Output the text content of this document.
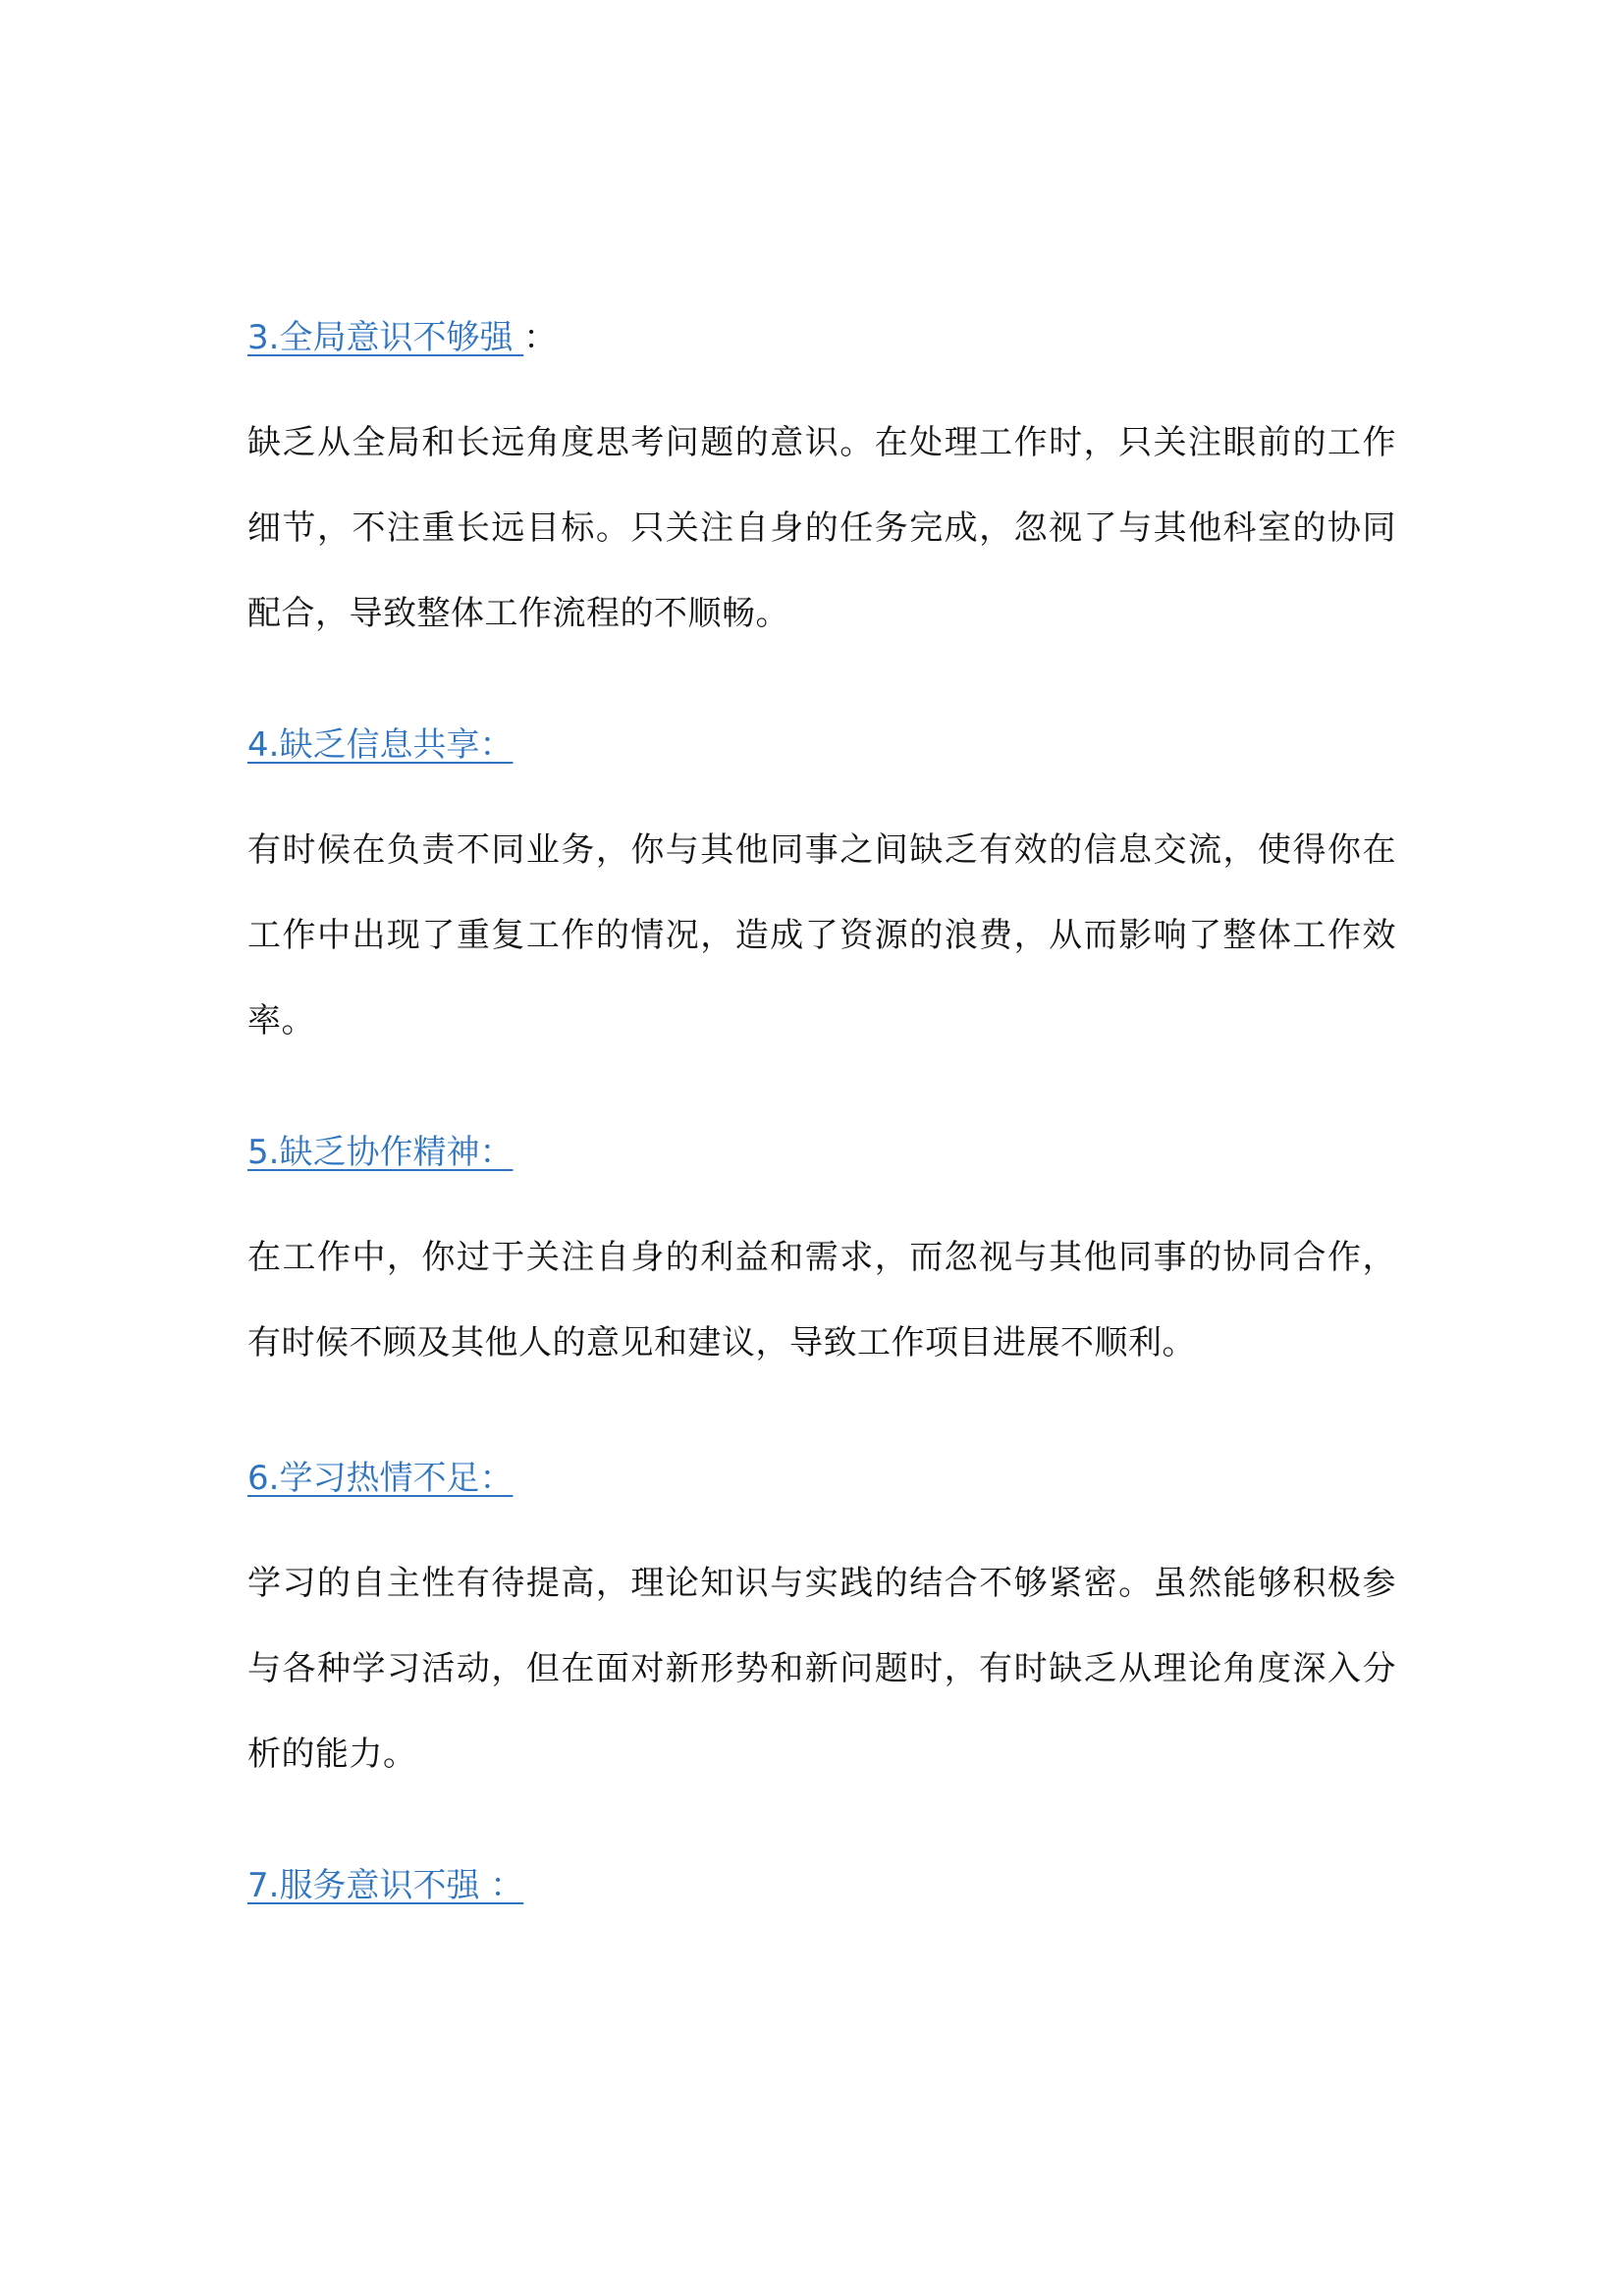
3.全局意识不够强 ：

缺乏从全局和长远角度思考问题的意识。在处理工作时，只关注眼前的工作细节，不注重长远目标。只关注自身的任务完成，忽视了与其他科室的协同配合，导致整体工作流程的不顺畅。

4.缺乏信息共享：

有时候在负责不同业务，你与其他同事之间缺乏有效的信息交流，使得你在工作中出现了重复工作的情况，造成了资源的浪费，从而影响了整体工作效率。

5.缺乏协作精神：

在工作中，你过于关注自身的利益和需求，而忽视与其他同事的协同合作，有时候不顾及其他人的意见和建议，导致工作项目进展不顺利。

6.学习热情不足：

学习的自主性有待提高，理论知识与实践的结合不够紧密。虽然能够积极参与各种学习活动，但在面对新形势和新问题时，有时缺乏从理论角度深入分析的能力。

7.服务意识不强 ：
